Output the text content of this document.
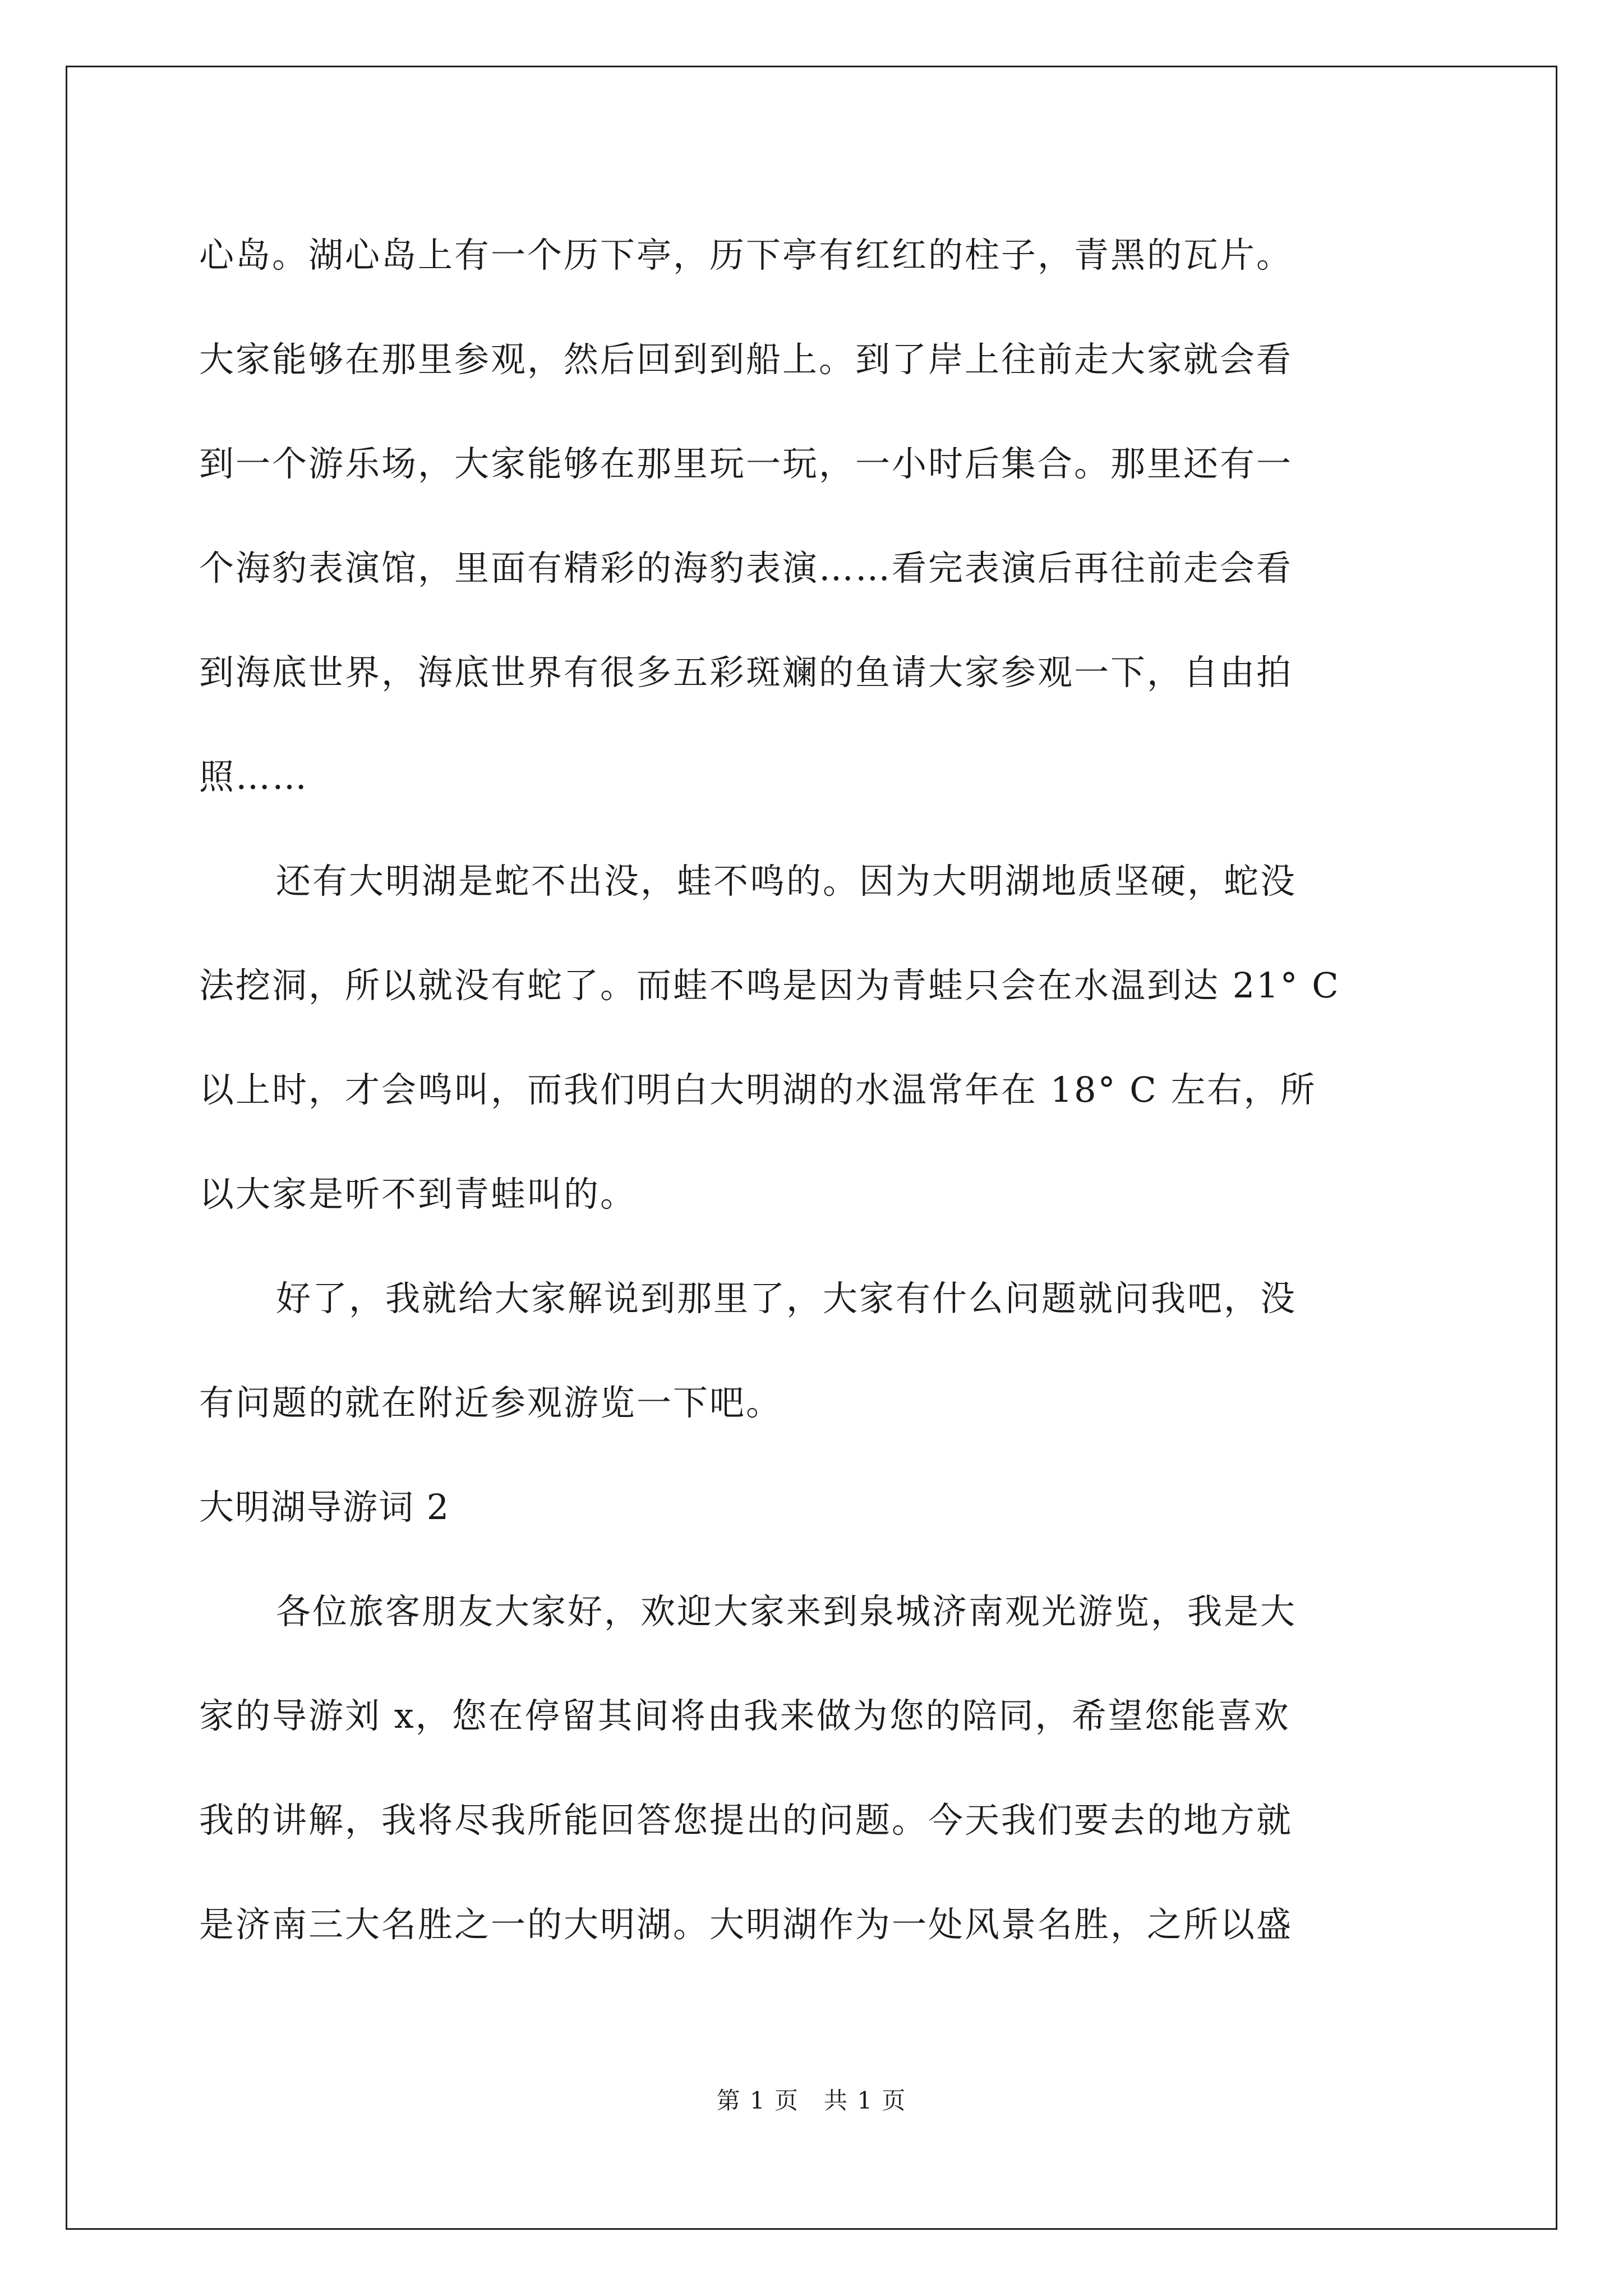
心岛。湖心岛上有一个历下亭，历下亭有红红的柱子，青黑的瓦片。
大家能够在那里参观，然后回到到船上。到了岸上往前走大家就会看
到一个游乐场，大家能够在那里玩一玩，一小时后集合。那里还有一
个海豹表演馆，里面有精彩的海豹表演……看完表演后再往前走会看
到海底世界，海底世界有很多五彩斑斓的鱼请大家参观一下，自由拍
照……
还有大明湖是蛇不出没，蛙不鸣的。因为大明湖地质坚硬，蛇没
法挖洞，所以就没有蛇了。而蛙不鸣是因为青蛙只会在水温到达 21° C
以上时，才会鸣叫，而我们明白大明湖的水温常年在 18° C 左右，所
以大家是听不到青蛙叫的。
好了，我就给大家解说到那里了，大家有什么问题就问我吧，没
有问题的就在附近参观游览一下吧。
大明湖导游词 2
各位旅客朋友大家好，欢迎大家来到泉城济南观光游览，我是大
家的导游刘 x，您在停留其间将由我来做为您的陪同，希望您能喜欢
我的讲解，我将尽我所能回答您提出的问题。今天我们要去的地方就
是济南三大名胜之一的大明湖。大明湖作为一处风景名胜，之所以盛
第 1 页　共 1 页
